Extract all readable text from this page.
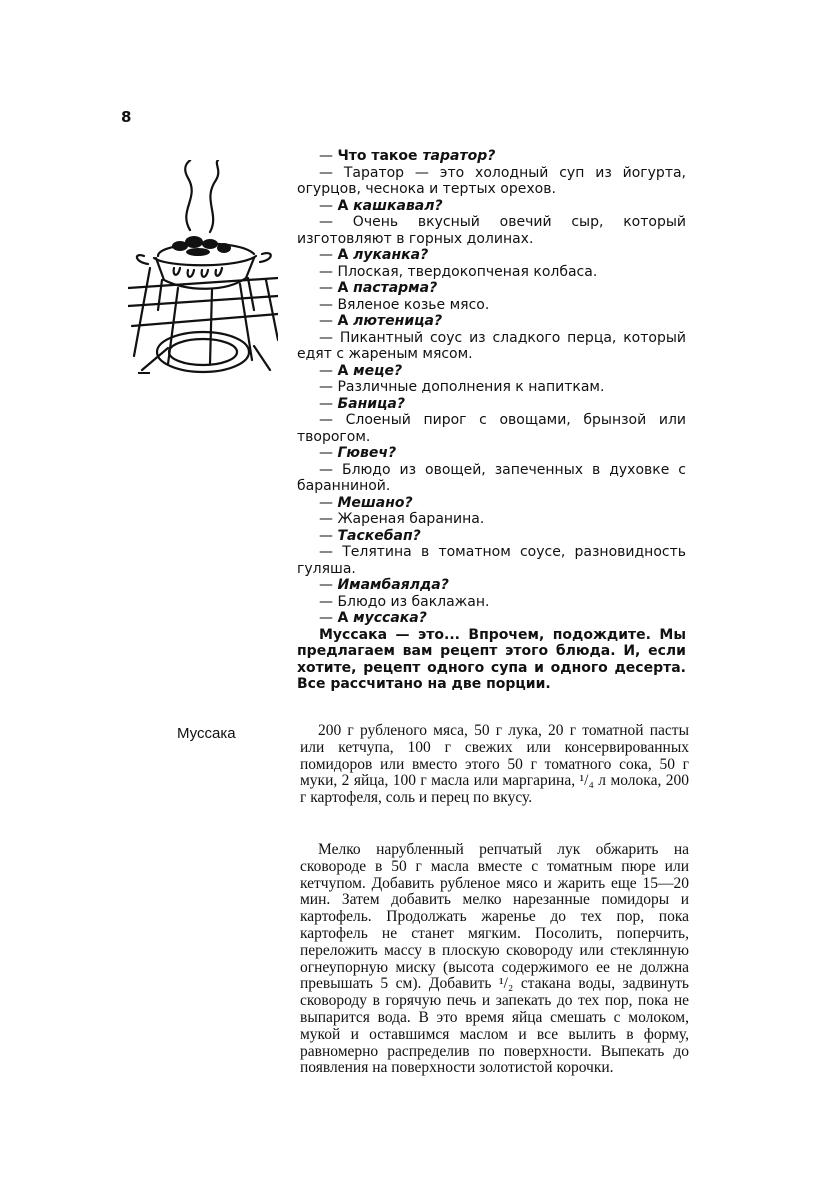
8

— Что такое таратор?

— Таратор — это холодный суп из йогурта, огурцов, чеснока и тертых орехов.

— А кашкавал?

— Очень вкусный овечий сыр, который изготовляют в горных долинах.

— А луканка?

— Плоская, твердокопченая колбаса.

— А пастарма?

— Вяленое козье мясо.

— А лютеница?

— Пикантный соус из сладкого перца, который едят с жареным мясом.

— А меце?

— Различные дополнения к напиткам.

— Баница?

— Слоеный пирог с овощами, брынзой или творогом.

— Гювеч?

— Блюдо из овощей, запеченных в духовке с баранниной.

— Мешано?

— Жареная баранина.

— Таскебап?

— Телятина в томатном соусе, разновидность гуляша.

— Имамбаялда?

— Блюдо из баклажан.

— А муссака?

Муссака — это... Впрочем, подождите. Мы предлагаем вам рецепт этого блюда. И, если хотите, рецепт одного супа и одного десерта. Все рассчитано на две порции.

Муссака	200 г рубленого мяса, 50 г лука, 20 г томатной пасты или кетчупа, 100 г свежих или консервированных помидоров или вместо этого 50 г томатного сока, 50 г муки, 2 яйца, 100 г масла или маргарина, ¹/₄ л молока, 200 г картофеля, соль и перец по вкусу.

Мелко нарубленный репчатый лук обжарить на сковороде в 50 г масла вместе с томатным пюре или кетчупом. Добавить рубленое мясо и жарить еще 15—20 мин. Затем добавить мелко нарезанные помидоры и картофель. Продолжать жаренье до тех пор, пока картофель не станет мягким. Посолить, поперчить, переложить массу в плоскую сковороду или стеклянную огнеупорную миску (высота содержимого ее не должна превышать 5 см). Добавить ¹/₂ стакана воды, задвинуть сковороду в горячую печь и запекать до тех пор, пока не выпарится вода. В это время яйца смешать с молоком, мукой и оставшимся маслом и все вылить в форму, равномерно распределив по поверхности. Выпекать до появления на поверхности золотистой корочки.
